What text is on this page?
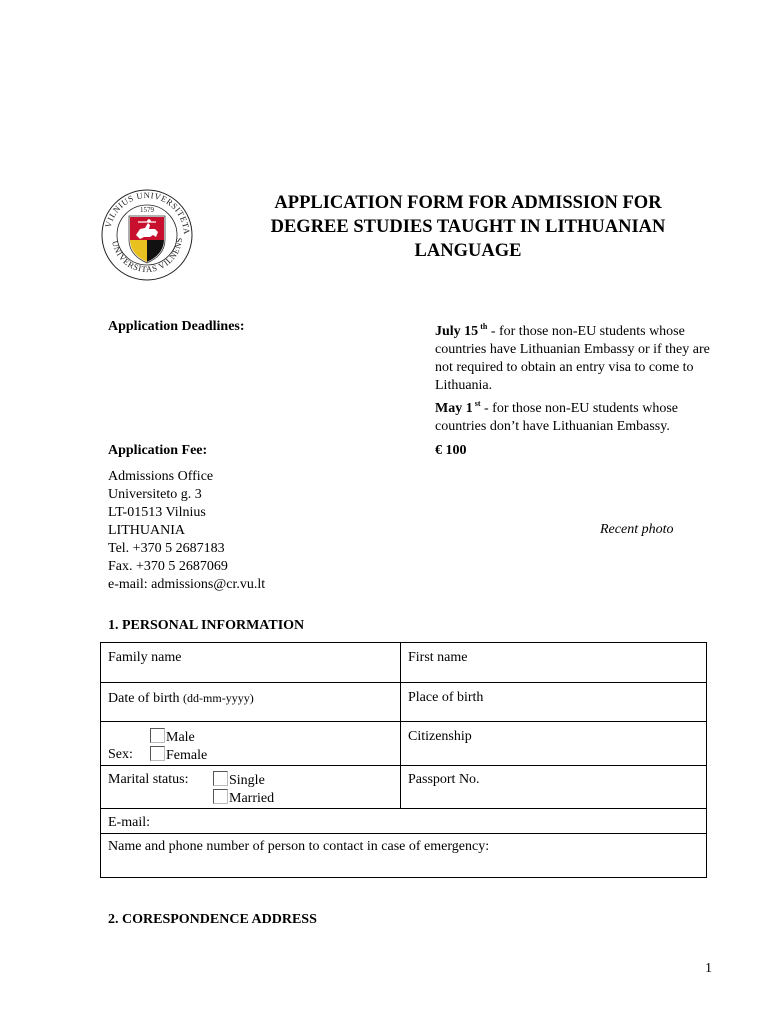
VILNIUS UNIVERSITETA
UNIVERSITAS VILNENS
1579	APPLICATION FORM FOR ADMISSION FOR
DEGREE STUDIES TAUGHT IN LITHUANIAN
LANGUAGE
Application Deadlines:	July 15 $^{th}$ - for those non-EU students whose countries have Lithuanian Embassy or if they are not required to obtain an entry visa to come to Lithuania.
May 1 $^{st}$ - for those non-EU students whose countries don’t have Lithuanian Embassy.
Application Fee:	€ 100
Admissions Office
Universiteto g. 3
LT-01513 Vilnius
LITHUANIA
Tel. +370 5 2687183
Fax. +370 5 2687069
e-mail: admissions@cr.vu.lt
Recent photo
1. PERSONAL INFORMATION
Family name	First name
Date of birth (dd-mm-yyyy)	Place of birth

Sex:
Male
Female	Citizenship

Marital status: Single
Married	Passport No.
E-mail:	
Name and phone number of person to contact in case of emergency:	
2. CORESPONDENCE ADDRESS
1
